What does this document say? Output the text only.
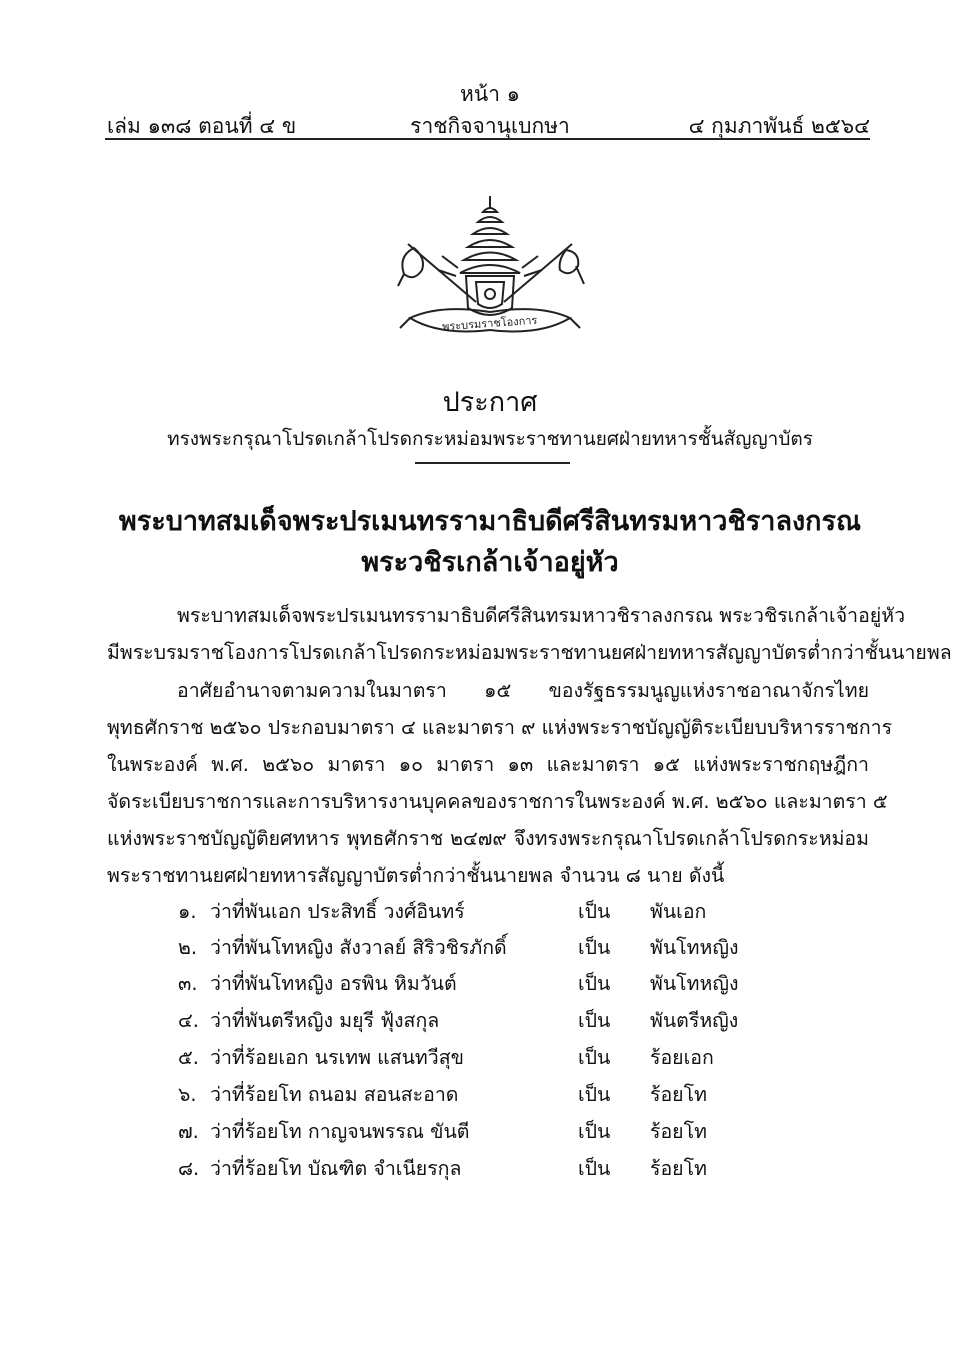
หน้า ๑
เล่ม ๑๓๘ ตอนที่ ๔ ข	ราชกิจจานุเบกษา	๔ กุมภาพันธ์ ๒๕๖๔
พระบรมราชโองการ
ประกาศ
ทรงพระกรุณาโปรดเกล้าโปรดกระหม่อมพระราชทานยศฝ่ายทหารชั้นสัญญาบัตร
พระบาทสมเด็จพระปรเมนทรรามาธิบดีศรีสินทรมหาวชิราลงกรณ
พระวชิรเกล้าเจ้าอยู่หัว
พระบาทสมเด็จพระปรเมนทรรามาธิบดีศรีสินทรมหาวชิราลงกรณ พระวชิรเกล้าเจ้าอยู่หัว
มีพระบรมราชโองการโปรดเกล้าโปรดกระหม่อมพระราชทานยศฝ่ายทหารสัญญาบัตรต่ำกว่าชั้นนายพล
อาศัยอำนาจตามความในมาตรา ๑๕ ของรัฐธรรมนูญแห่งราชอาณาจักรไทย
พุทธศักราช ๒๕๖๐ ประกอบมาตรา ๔ และมาตรา ๙ แห่งพระราชบัญญัติระเบียบบริหารราชการ
ในพระองค์ พ.ศ. ๒๕๖๐ มาตรา ๑๐ มาตรา ๑๓ และมาตรา ๑๕ แห่งพระราชกฤษฎีกา
จัดระเบียบราชการและการบริหารงานบุคคลของราชการในพระองค์ พ.ศ. ๒๕๖๐ และมาตรา ๕
แห่งพระราชบัญญัติยศทหาร พุทธศักราช ๒๔๗๙ จึงทรงพระกรุณาโปรดเกล้าโปรดกระหม่อม
พระราชทานยศฝ่ายทหารสัญญาบัตรต่ำกว่าชั้นนายพล จำนวน ๘ นาย ดังนี้
๑. ว่าที่พันเอก ประสิทธิ์ วงศ์อินทร์	เป็น พันเอก
๒. ว่าที่พันโทหญิง สังวาลย์ สิริวชิรภักดิ์	เป็น พันโทหญิง
๓. ว่าที่พันโทหญิง อรพิน หิมวันต์	เป็น พันโทหญิง
๔. ว่าที่พันตรีหญิง มยุรี ฟุ้งสกุล	เป็น พันตรีหญิง
๕. ว่าที่ร้อยเอก นรเทพ แสนทวีสุข	เป็น ร้อยเอก
๖. ว่าที่ร้อยโท ถนอม สอนสะอาด	เป็น ร้อยโท
๗. ว่าที่ร้อยโท กาญจนพรรณ ขันตี	เป็น ร้อยโท
๘. ว่าที่ร้อยโท บัณฑิต จำเนียรกุล	เป็น ร้อยโท
